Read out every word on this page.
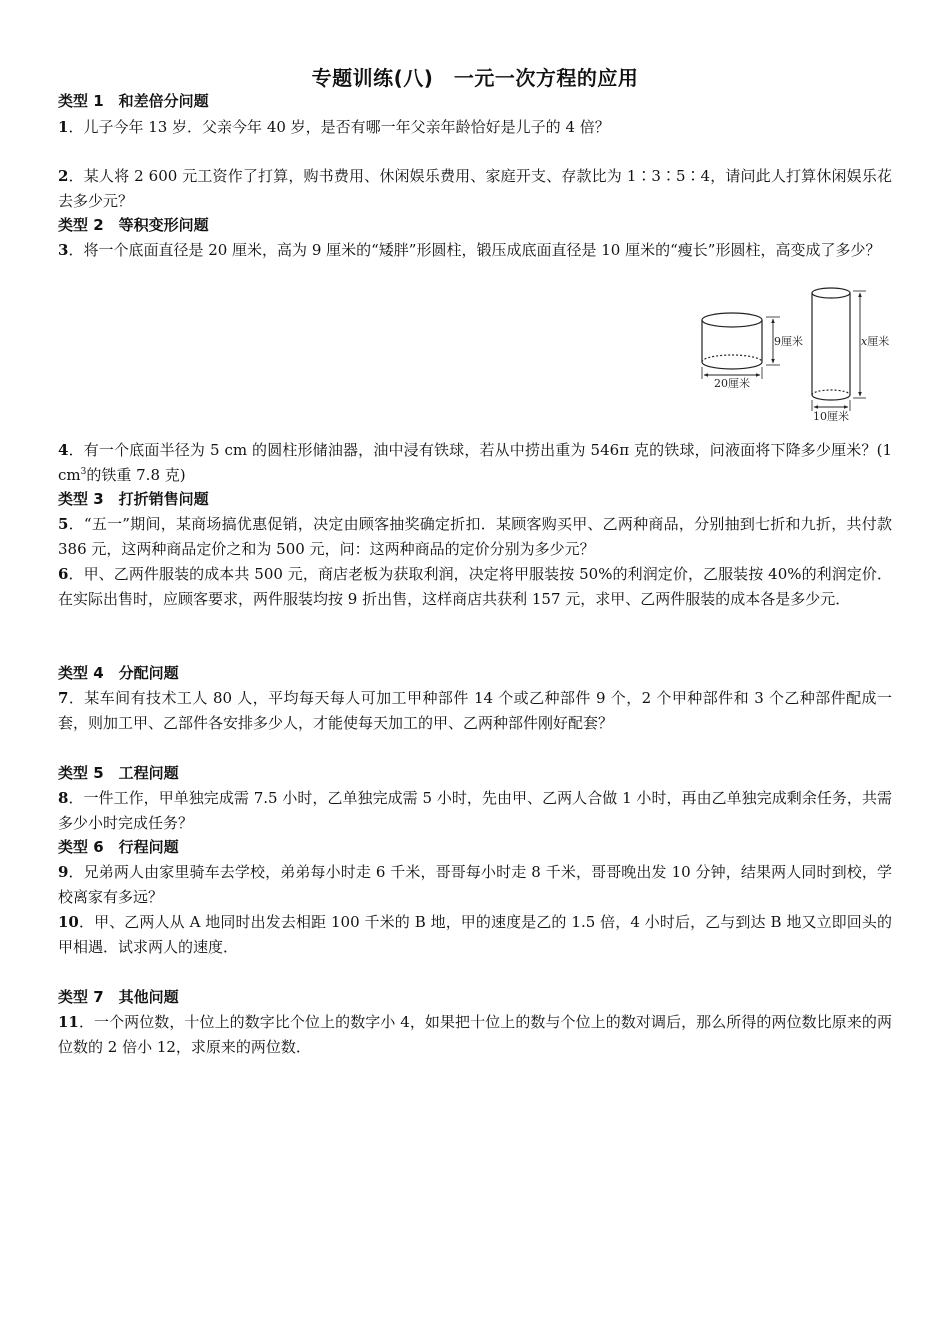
专题训练(八)　一元一次方程的应用
类型 1　和差倍分问题
1．儿子今年 13 岁．父亲今年 40 岁，是否有哪一年父亲年龄恰好是儿子的 4 倍？
2．某人将 2 600 元工资作了打算，购书费用、休闲娱乐费用、家庭开支、存款比为 1∶3∶5∶4，请问此人打算休闲娱乐花去多少元？
类型 2　等积变形问题
3．将一个底面直径是 20 厘米，高为 9 厘米的“矮胖”形圆柱，锻压成底面直径是 10 厘米的“瘦长”形圆柱，高变成了多少？
9厘米
20厘米
x厘米
10厘米
4．有一个底面半径为 5 cm 的圆柱形储油器，油中浸有铁球，若从中捞出重为 546π 克的铁球，问液面将下降多少厘米？(1 $cm^3$的铁重 7.8 克)
类型 3　打折销售问题
5．“五一”期间，某商场搞优惠促销，决定由顾客抽奖确定折扣．某顾客购买甲、乙两种商品，分别抽到七折和九折，共付款 386 元，这两种商品定价之和为 500 元，问：这两种商品的定价分别为多少元？
6．甲、乙两件服装的成本共 500 元，商店老板为获取利润，决定将甲服装按 50%的利润定价，乙服装按 40%的利润定价．在实际出售时，应顾客要求，两件服装均按 9 折出售，这样商店共获利 157 元，求甲、乙两件服装的成本各是多少元．
类型 4　分配问题
7．某车间有技术工人 80 人，平均每天每人可加工甲种部件 14 个或乙种部件 9 个，2 个甲种部件和 3 个乙种部件配成一套，则加工甲、乙部件各安排多少人，才能使每天加工的甲、乙两种部件刚好配套？
类型 5　工程问题
8．一件工作，甲单独完成需 7.5 小时，乙单独完成需 5 小时，先由甲、乙两人合做 1 小时，再由乙单独完成剩余任务，共需多少小时完成任务？
类型 6　行程问题
9．兄弟两人由家里骑车去学校，弟弟每小时走 6 千米，哥哥每小时走 8 千米，哥哥晚出发 10 分钟，结果两人同时到校，学校离家有多远？
10．甲、乙两人从 A 地同时出发去相距 100 千米的 B 地，甲的速度是乙的 1.5 倍，4 小时后，乙与到达 B 地又立即回头的甲相遇．试求两人的速度．
类型 7　其他问题
11．一个两位数，十位上的数字比个位上的数字小 4，如果把十位上的数与个位上的数对调后，那么所得的两位数比原来的两位数的 2 倍小 12，求原来的两位数．
